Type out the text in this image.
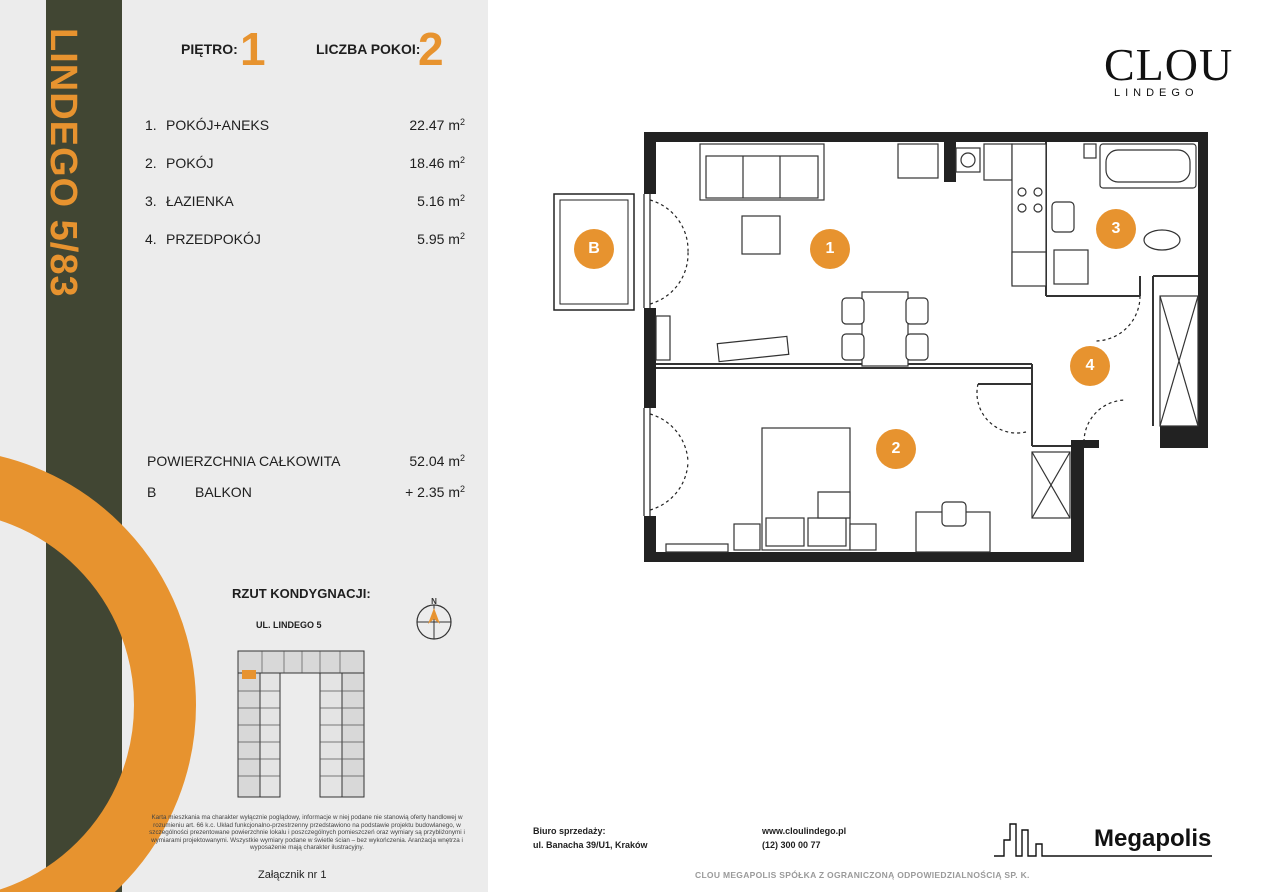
LINDEGO 5/83	PIĘTRO: 1	LICZBA POKOI:
2
1. POKÓJ+ANEKS	22.47 $m^2$
2. POKÓJ	18.46 $m^2$
3. ŁAZIENKA	5.16 $m^2$
4. PRZEDPOKÓJ	5.95 $m^2$
POWIERZCHNIA CAŁKOWITA	52.04 $m^2$
B	BALKON	+ 2.35 $m^2$
RZUT KONDYGNACJI:
UL. LINDEGO 5
N
Karta mieszkania ma charakter wyłącznie poglądowy, informacje w niej podane nie stanowią oferty handlowej w rozumieniu art. 66 k.c. Układ funkcjonalno-przestrzenny przedstawiono na podstawie projektu budowlanego, w szczególności prezentowane powierzchnie lokalu i poszczególnych pomieszczeń oraz wymiary są przybliżonymi i wymiarami projektowanymi. Wszystkie wymiary podane w świetle ścian – bez wykończenia. Aranżacja wnętrza i wyposażenie mają charakter ilustracyjny.
Załącznik nr 1
CLOU
LINDEGO
B	1
2
3
4
Biuro sprzedaży:
ul. Banacha 39/U1, Kraków
www.cloulindego.pl
(12) 300 00 77	Megapolis
CLOU MEGAPOLIS SPÓŁKA Z OGRANICZONĄ ODPOWIEDZIALNOŚCIĄ SP. K.
